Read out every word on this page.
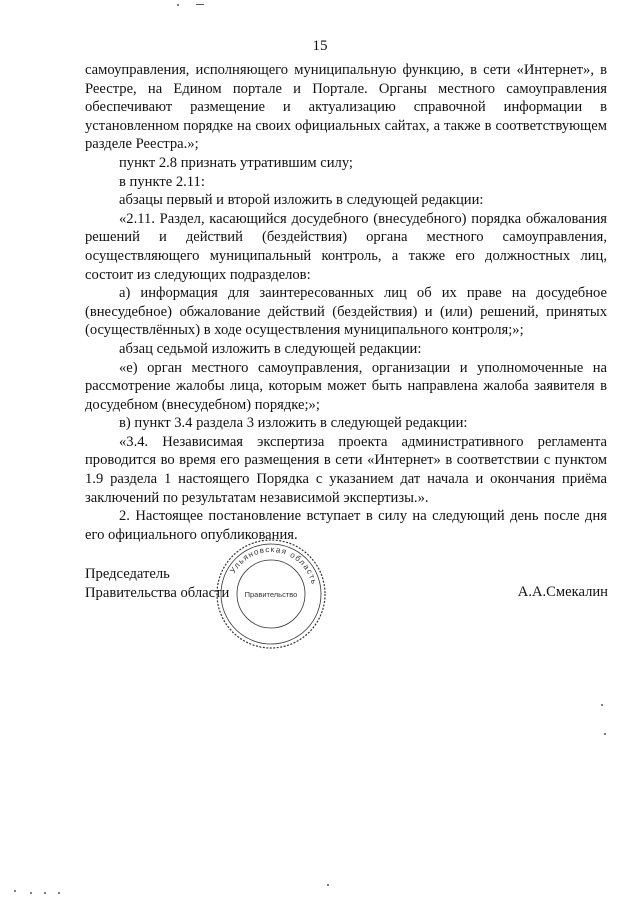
15

самоуправления, исполняющего муниципальную функцию, в сети «Интернет», в Реестре, на Едином портале и Портале. Органы местного самоуправления обеспечивают размещение и актуализацию справочной информации в установленном порядке на своих официальных сайтах, а также в соответствующем разделе Реестра.»;

пункт 2.8 признать утратившим силу;

в пункте 2.11:

абзацы первый и второй изложить в следующей редакции:

«2.11. Раздел, касающийся досудебного (внесудебного) порядка обжалования решений и действий (бездействия) органа местного самоуправления, осуществляющего муниципальный контроль, а также его должностных лиц, состоит из следующих подразделов:

а) информация для заинтересованных лиц об их праве на досудебное (внесудебное) обжалование действий (бездействия) и (или) решений, принятых (осуществлённых) в ходе осуществления муниципального контроля;»;

абзац седьмой изложить в следующей редакции:

«е) орган местного самоуправления, организации и уполномоченные на рассмотрение жалобы лица, которым может быть направлена жалоба заявителя в досудебном (внесудебном) порядке;»;

в) пункт 3.4 раздела 3 изложить в следующей редакции:

«3.4. Независимая экспертиза проекта административного регламента проводится во время его размещения в сети «Интернет» в соответствии с пунктом 1.9 раздела 1 настоящего Порядка с указанием дат начала и окончания приёма заключений по результатам независимой экспертизы.».

2. Настоящее постановление вступает в силу на следующий день после дня его официального опубликования.

Председатель
Правительства области
Ульяновская область
Правительство	А.А.Смекалин
